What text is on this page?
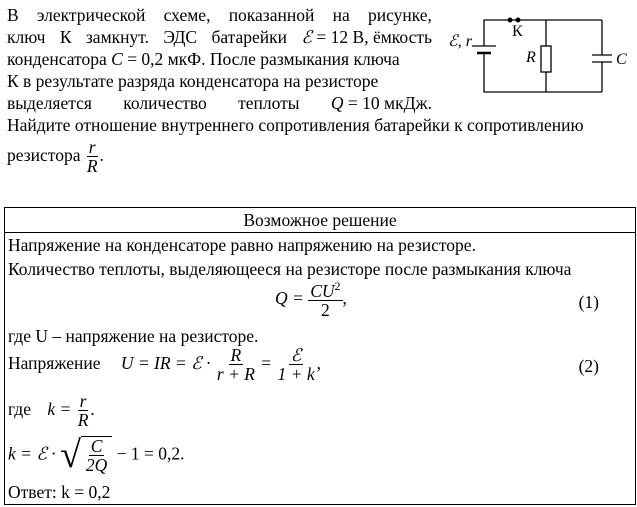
В электрической схеме, показанной на рисунке,
ключ К замкнут. ЭДС батарейки ℰ = 12 В, ёмкость
конденсатора C = 0,2 мкФ. После размыкания ключа
К в результате разряда конденсатора на резисторе
выделяется количество теплоты Q = 10 мкДж.
Найдите отношение внутреннего сопротивления батарейки к сопротивлению
резистора $\frac{r}{R}$ .
ℰ, r
К
R	C
Возможное решение
Напряжение на конденсаторе равно напряжению на резисторе.
Количество теплоты, выделяющееся на резисторе после размыкания ключа
$Q = \frac{CU^2}{2}$ ,	(1)
где U – напряжение на резисторе.
Напряжение U = IR = ℰ · $\frac{R}{r + R} = \frac{\text{ℰ}}{1 + k}$ ,	(2)
где $k = \frac{r}{R}$ .
k = ℰ · √ $\frac{C}{2Q} - 1 = 0,2$.
Ответ: k = 0,2
